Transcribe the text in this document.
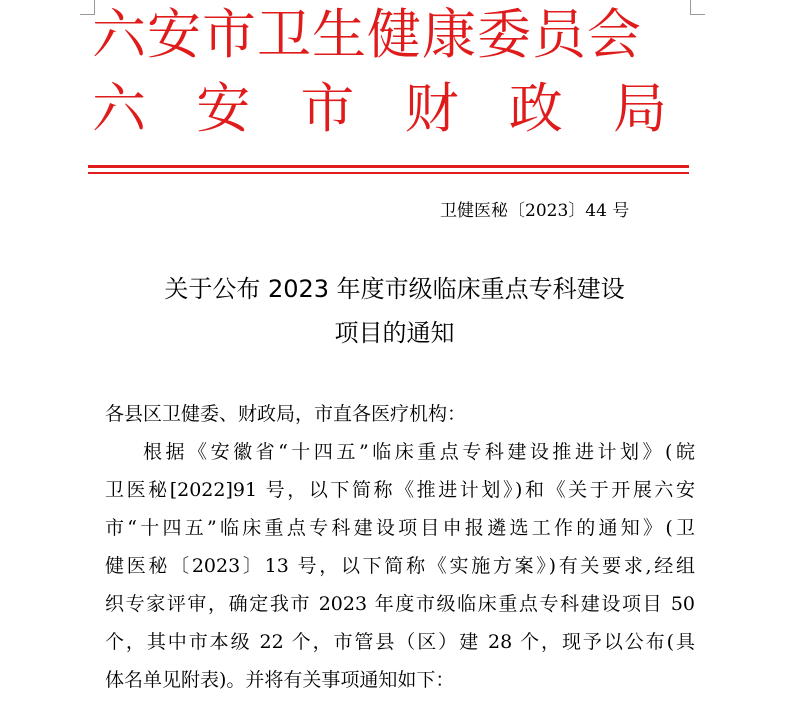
六安市卫生健康委员会
六 安 市 财 政 局
卫健医秘〔2023〕44 号
关于公布 2023 年度市级临床重点专科建设
项目的通知
各县区卫健委、财政局，市直各医疗机构：
根据《安徽省“十四五”临床重点专科建设推进计划》(皖
卫医秘[2022]91 号，以下简称《推进计划》)和《关于开展六安
市“十四五”临床重点专科建设项目申报遴选工作的通知》(卫
健医秘〔2023〕13 号，以下简称《实施方案》)有关要求,经组
织专家评审，确定我市 2023 年度市级临床重点专科建设项目 50
个，其中市本级 22 个，市管县（区）建 28 个，现予以公布(具
体名单见附表)。并将有关事项通知如下：
